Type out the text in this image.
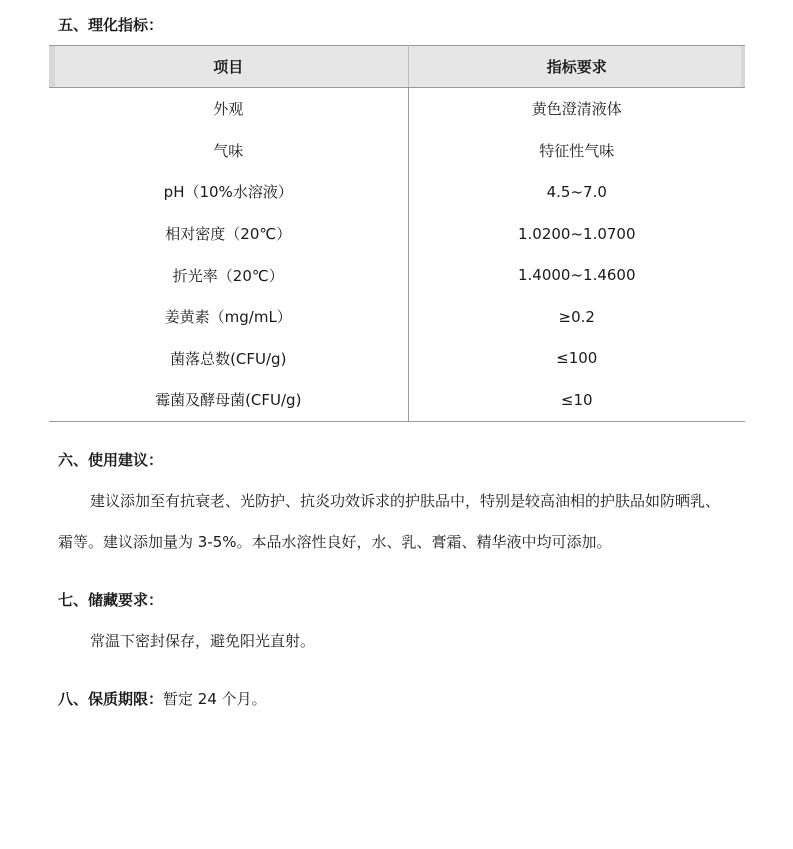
五、理化指标：
项目	指标要求
外观	黄色澄清液体
气味	特征性气味
pH（10%水溶液）	4.5~7.0
相对密度（20℃）	1.0200~1.0700
折光率（20℃）	1.4000~1.4600
姜黄素（mg/mL）	≥0.2
菌落总数(CFU/g)	≤100
霉菌及酵母菌(CFU/g)	≤10
六、使用建议：
建议添加至有抗衰老、光防护、抗炎功效诉求的护肤品中，特别是较高油相的护肤品如防晒乳、
霜等。建议添加量为 3-5%。本品水溶性良好，水、乳、膏霜、精华液中均可添加。
七、储藏要求：
常温下密封保存，避免阳光直射。
八、保质期限：暂定 24 个月。
